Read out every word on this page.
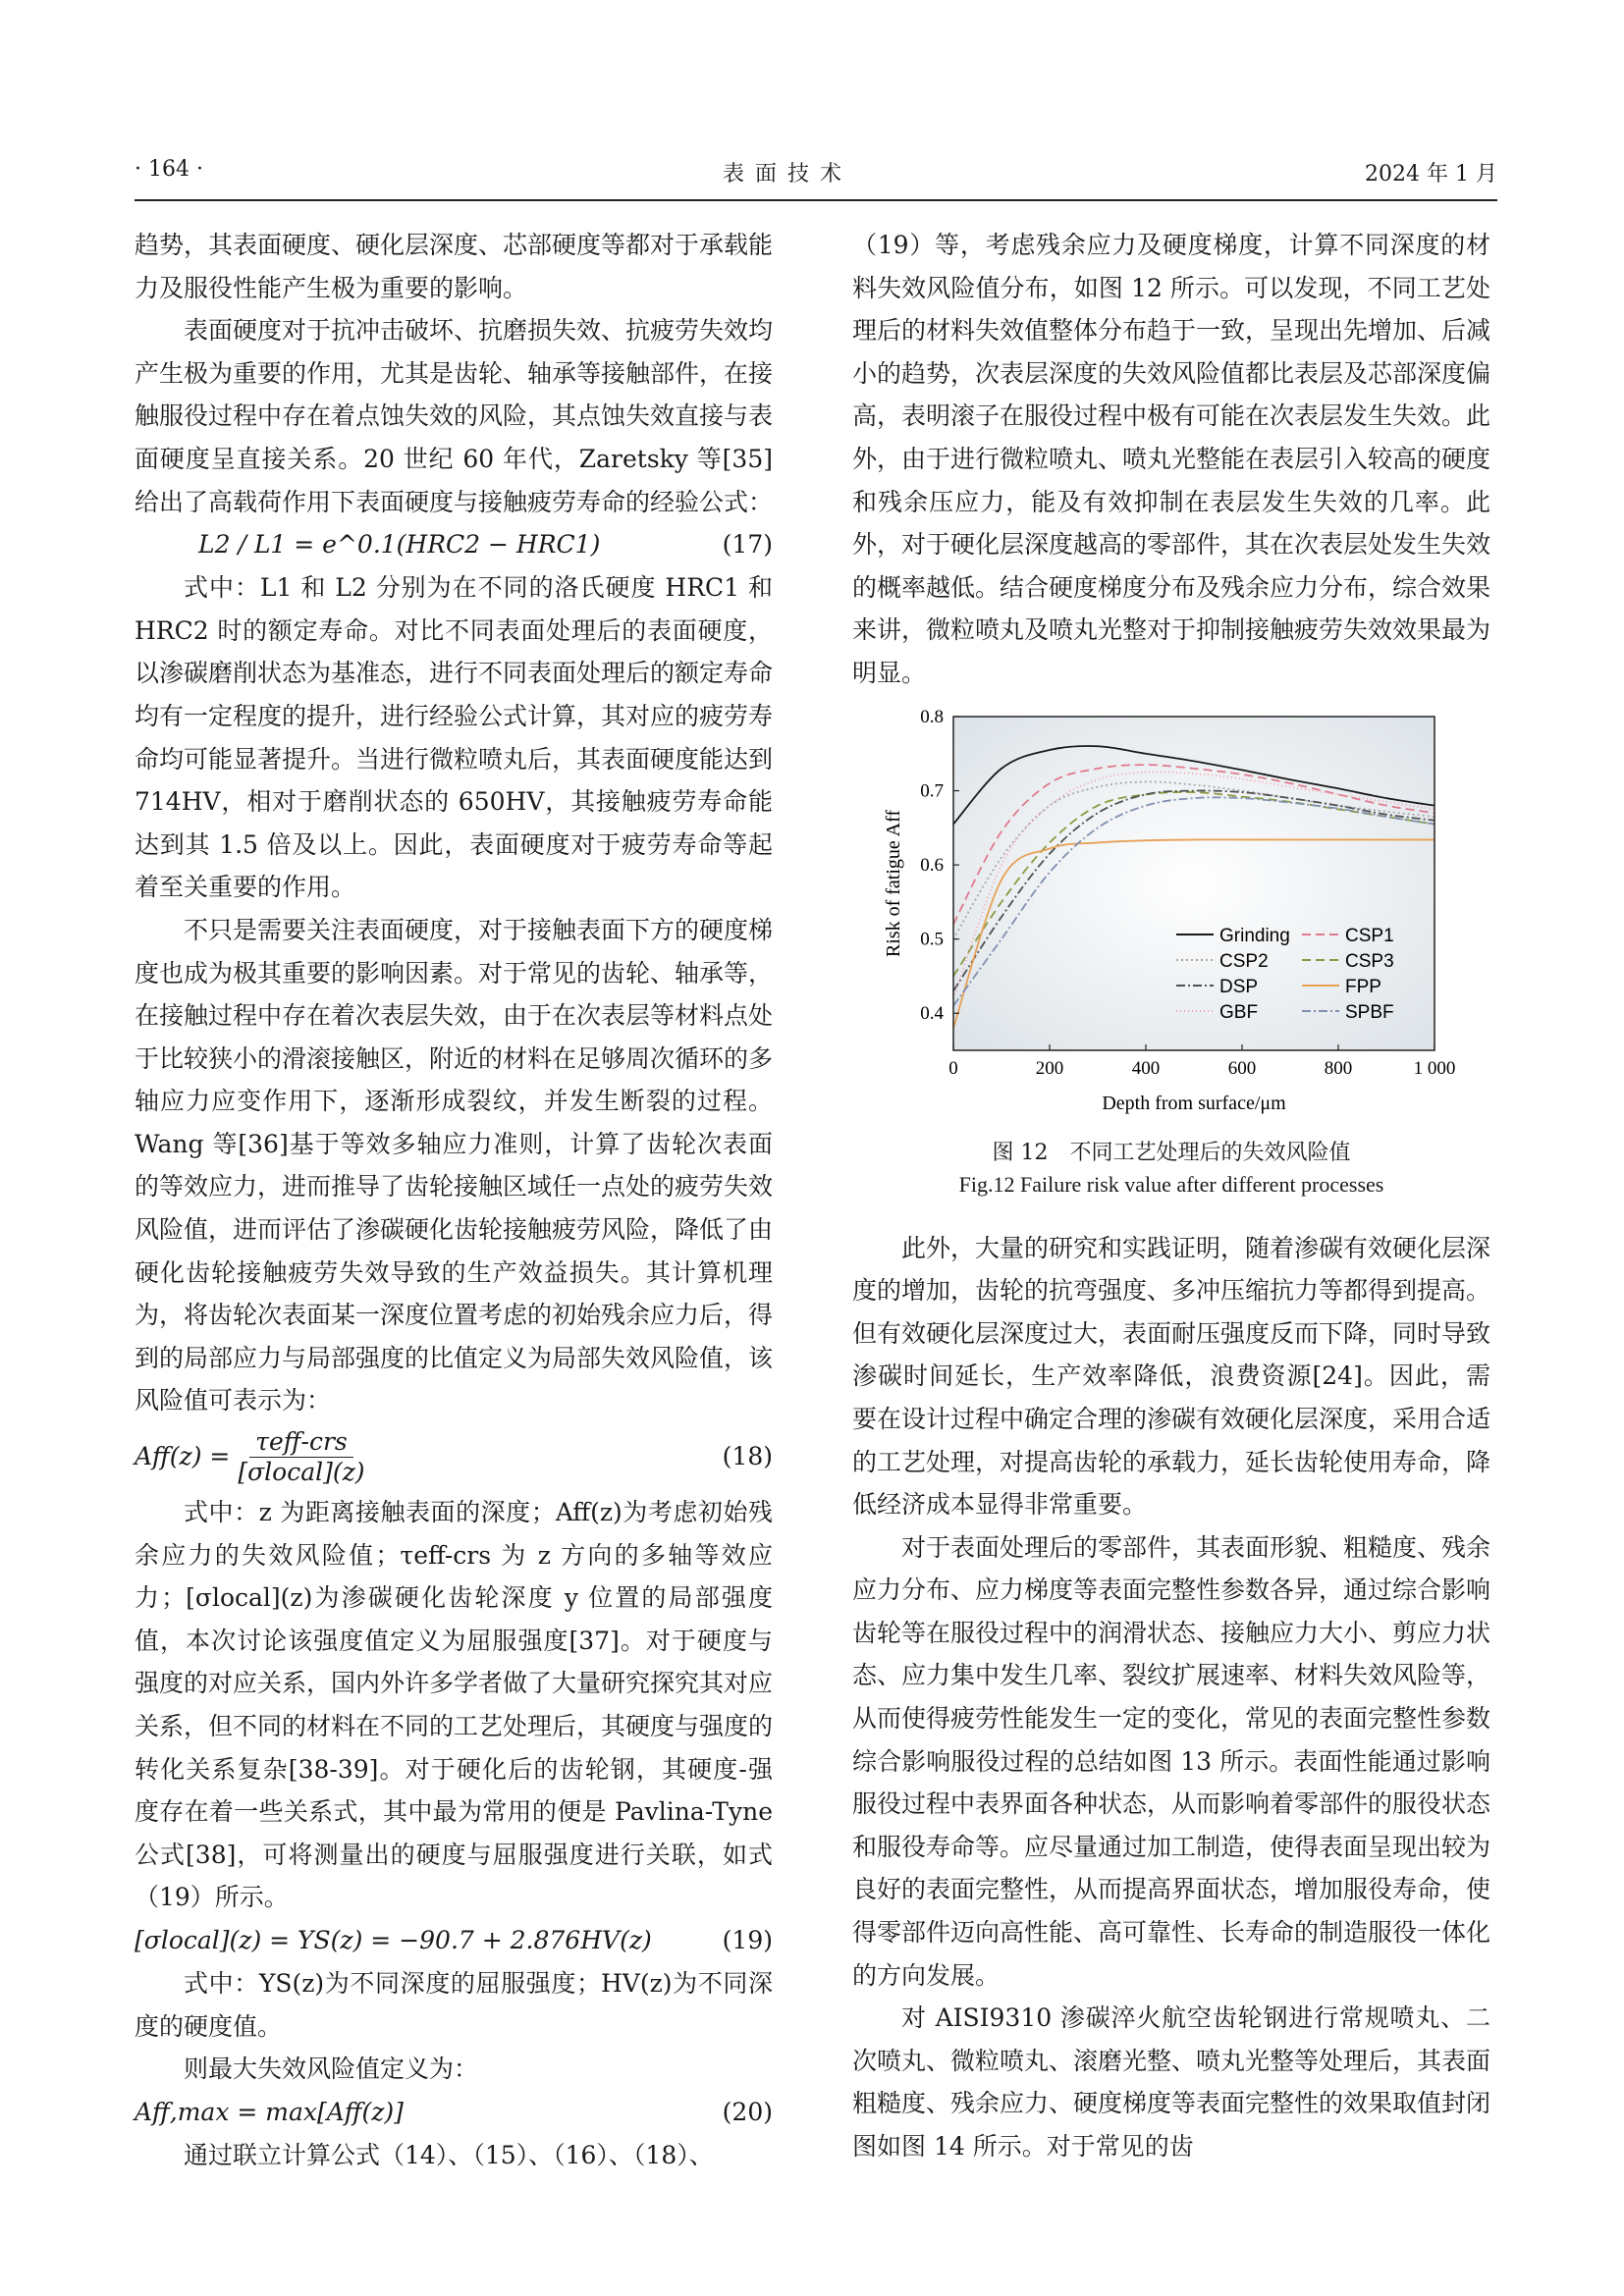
· 164 ·	表 面 技 术	2024 年 1 月

趋势，其表面硬度、硬化层深度、芯部硬度等都对于承载能力及服役性能产生极为重要的影响。

表面硬度对于抗冲击破坏、抗磨损失效、抗疲劳失效均产生极为重要的作用，尤其是齿轮、轴承等接触部件，在接触服役过程中存在着点蚀失效的风险，其点蚀失效直接与表面硬度呈直接关系。20 世纪 60 年代，Zaretsky 等[35]给出了高载荷作用下表面硬度与接触疲劳寿命的经验公式：

L2 / L1 = e^0.1(HRC2 − HRC1)	(17)

式中：L1 和 L2 分别为在不同的洛氏硬度 HRC1 和 HRC2 时的额定寿命。对比不同表面处理后的表面硬度，以渗碳磨削状态为基准态，进行不同表面处理后的额定寿命均有一定程度的提升，进行经验公式计算，其对应的疲劳寿命均可能显著提升。当进行微粒喷丸后，其表面硬度能达到 714HV，相对于磨削状态的 650HV，其接触疲劳寿命能达到其 1.5 倍及以上。因此，表面硬度对于疲劳寿命等起着至关重要的作用。

不只是需要关注表面硬度，对于接触表面下方的硬度梯度也成为极其重要的影响因素。对于常见的齿轮、轴承等，在接触过程中存在着次表层失效，由于在次表层等材料点处于比较狭小的滑滚接触区，附近的材料在足够周次循环的多轴应力应变作用下，逐渐形成裂纹，并发生断裂的过程。Wang 等[36]基于等效多轴应力准则，计算了齿轮次表面的等效应力，进而推导了齿轮接触区域任一点处的疲劳失效风险值，进而评估了渗碳硬化齿轮接触疲劳风险，降低了由硬化齿轮接触疲劳失效导致的生产效益损失。其计算机理为，将齿轮次表面某一深度位置考虑的初始残余应力后，得到的局部应力与局部强度的比值定义为局部失效风险值，该风险值可表示为：

$Aff(z) = \frac{\text{τeff-crs}}{\text{[σlocal](z)}}$	(18)

式中：z 为距离接触表面的深度；Aff(z)为考虑初始残余应力的失效风险值；τeff-crs 为 z 方向的多轴等效应力；[σlocal](z)为渗碳硬化齿轮深度 y 位置的局部强度值，本次讨论该强度值定义为屈服强度[37]。对于硬度与强度的对应关系，国内外许多学者做了大量研究探究其对应关系，但不同的材料在不同的工艺处理后，其硬度与强度的转化关系复杂[38-39]。对于硬化后的齿轮钢，其硬度-强度存在着一些关系式，其中最为常用的便是 Pavlina-Tyne 公式[38]，可将测量出的硬度与屈服强度进行关联，如式（19）所示。

[σlocal](z) = YS(z) = −90.7 + 2.876HV(z)	(19)

式中：YS(z)为不同深度的屈服强度；HV(z)为不同深度的硬度值。

则最大失效风险值定义为：

Aff,max = max[Aff(z)]	(20)

通过联立计算公式（14）、（15）、（16）、（18）、

（19）等，考虑残余应力及硬度梯度，计算不同深度的材料失效风险值分布，如图 12 所示。可以发现，不同工艺处理后的材料失效值整体分布趋于一致，呈现出先增加、后减小的趋势，次表层深度的失效风险值都比表层及芯部深度偏高，表明滚子在服役过程中极有可能在次表层发生失效。此外，由于进行微粒喷丸、喷丸光整能在表层引入较高的硬度和残余压应力，能及有效抑制在表层发生失效的几率。此外，对于硬化层深度越高的零部件，其在次表层处发生失效的概率越低。结合硬度梯度分布及残余应力分布，综合效果来讲，微粒喷丸及喷丸光整对于抑制接触疲劳失效效果最为明显。

0	200	400	600	800	1 000
0.4
0.5
0.6
0.7
0.8
Grinding	CSP1
CSP2	CSP3
DSP	FPP
GBF	SPBF
Depth from surface/μm
Risk of fatigue Aff
图 12　不同工艺处理后的失效风险值
Fig.12 Failure risk value after different processes

此外，大量的研究和实践证明，随着渗碳有效硬化层深度的增加，齿轮的抗弯强度、多冲压缩抗力等都得到提高。但有效硬化层深度过大，表面耐压强度反而下降，同时导致渗碳时间延长，生产效率降低，浪费资源[24]。因此，需要在设计过程中确定合理的渗碳有效硬化层深度，采用合适的工艺处理，对提高齿轮的承载力，延长齿轮使用寿命，降低经济成本显得非常重要。

对于表面处理后的零部件，其表面形貌、粗糙度、残余应力分布、应力梯度等表面完整性参数各异，通过综合影响齿轮等在服役过程中的润滑状态、接触应力大小、剪应力状态、应力集中发生几率、裂纹扩展速率、材料失效风险等，从而使得疲劳性能发生一定的变化，常见的表面完整性参数综合影响服役过程的总结如图 13 所示。表面性能通过影响服役过程中表界面各种状态，从而影响着零部件的服役状态和服役寿命等。应尽量通过加工制造，使得表面呈现出较为良好的表面完整性，从而提高界面状态，增加服役寿命，使得零部件迈向高性能、高可靠性、长寿命的制造服役一体化的方向发展。

对 AISI9310 渗碳淬火航空齿轮钢进行常规喷丸、二次喷丸、微粒喷丸、滚磨光整、喷丸光整等处理后，其表面粗糙度、残余应力、硬度梯度等表面完整性的效果取值封闭图如图 14 所示。对于常见的齿
